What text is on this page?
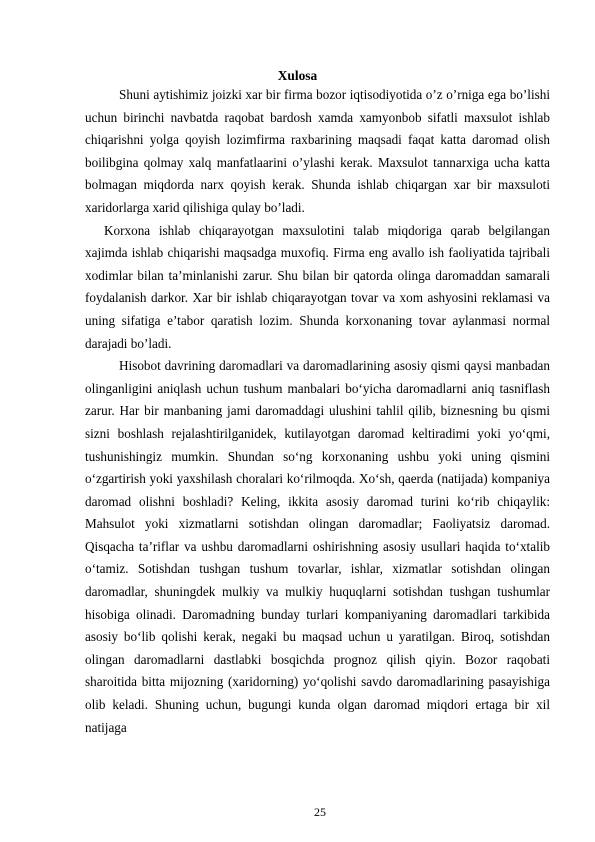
Xulosa

Shuni aytishimiz joizki xar bir firma bozor iqtisodiyotida o’z o’rniga ega bo’lishi uchun birinchi navbatda raqobat bardosh xamda xamyonbob sifatli maxsulot ishlab chiqarishni yolga qoyish lozimfirma raxbarining maqsadi faqat katta daromad olish boilibgina qolmay xalq manfatlaarini o’ylashi kerak. Maxsulot tannarxiga ucha katta bolmagan miqdorda narx qoyish kerak. Shunda ishlab chiqargan xar bir maxsuloti xaridorlarga xarid qilishiga qulay bo’ladi.

Korxona ishlab chiqarayotgan maxsulotini talab miqdoriga qarab belgilangan xajimda ishlab chiqarishi maqsadga muxofiq. Firma eng avallo ish faoliyatida tajribali xodimlar bilan ta’minlanishi zarur. Shu bilan bir qatorda olinga daromaddan samarali foydalanish darkor. Xar bir ishlab chiqarayotgan tovar va xom ashyosini reklamasi va uning sifatiga e’tabor qaratish lozim. Shunda korxonaning tovar aylanmasi normal darajadi bo’ladi.

Hisobot davrining daromadlari va daromadlarining asosiy qismi qaysi manbadan olinganligini aniqlash uchun tushum manbalari bo‘yicha daromadlarni aniq tasniflash zarur. Har bir manbaning jami daromaddagi ulushini tahlil qilib, biznesning bu qismi sizni boshlash rejalashtirilganidek, kutilayotgan daromad keltiradimi yoki yo‘qmi, tushunishingiz mumkin. Shundan so‘ng korxonaning ushbu yoki uning qismini o‘zgartirish yoki yaxshilash choralari ko‘rilmoqda. Xo‘sh, qaerda (natijada) kompaniya daromad olishni boshladi? Keling, ikkita asosiy daromad turini ko‘rib chiqaylik: Mahsulot yoki xizmatlarni sotishdan olingan daromadlar; Faoliyatsiz daromad. Qisqacha ta’riflar va ushbu daromadlarni oshirishning asosiy usullari haqida to‘xtalib o‘tamiz. Sotishdan tushgan tushum tovarlar, ishlar, xizmatlar sotishdan olingan daromadlar, shuningdek mulkiy va mulkiy huquqlarni sotishdan tushgan tushumlar hisobiga olinadi. Daromadning bunday turlari kompaniyaning daromadlari tarkibida asosiy bo‘lib qolishi kerak, negaki bu maqsad uchun u yaratilgan. Biroq, sotishdan olingan daromadlarni dastlabki bosqichda prognoz qilish qiyin. Bozor raqobati sharoitida bitta mijozning (xaridorning) yo‘qolishi savdo daromadlarining pasayishiga olib keladi. Shuning uchun, bugungi kunda olgan daromad miqdori ertaga bir xil natijaga

25
